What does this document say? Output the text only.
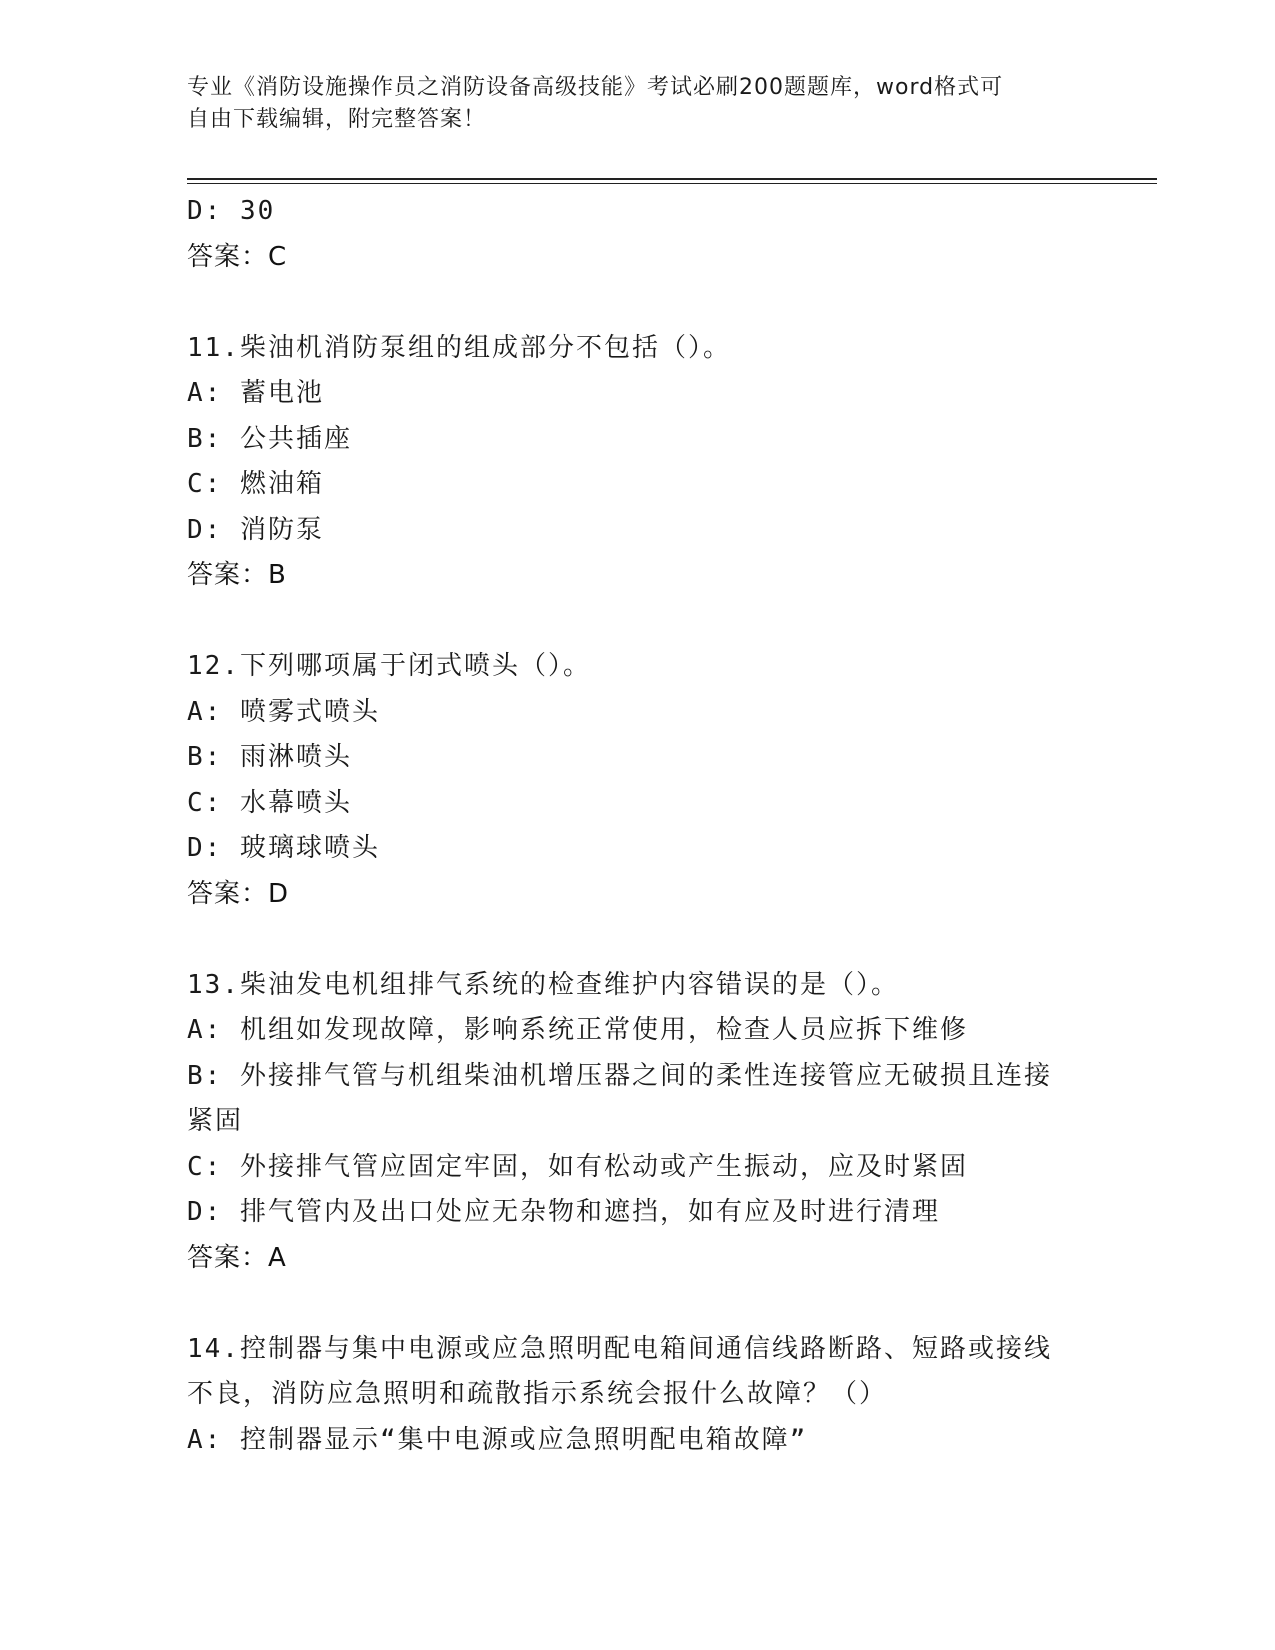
专业《消防设施操作员之消防设备高级技能》考试必刷200题题库，word格式可
自由下载编辑，附完整答案！
D: 30
答案：C
11.柴油机消防泵组的组成部分不包括（）。
A: 蓄电池
B: 公共插座
C: 燃油箱
D: 消防泵
答案：B
12.下列哪项属于闭式喷头（）。
A: 喷雾式喷头
B: 雨淋喷头
C: 水幕喷头
D: 玻璃球喷头
答案：D
13.柴油发电机组排气系统的检查维护内容错误的是（）。
A: 机组如发现故障，影响系统正常使用，检查人员应拆下维修
B: 外接排气管与机组柴油机增压器之间的柔性连接管应无破损且连接
紧固
C: 外接排气管应固定牢固，如有松动或产生振动，应及时紧固
D: 排气管内及出口处应无杂物和遮挡，如有应及时进行清理
答案：A
14.控制器与集中电源或应急照明配电箱间通信线路断路、短路或接线
不良，消防应急照明和疏散指示系统会报什么故障？（）
A: 控制器显示“集中电源或应急照明配电箱故障”
